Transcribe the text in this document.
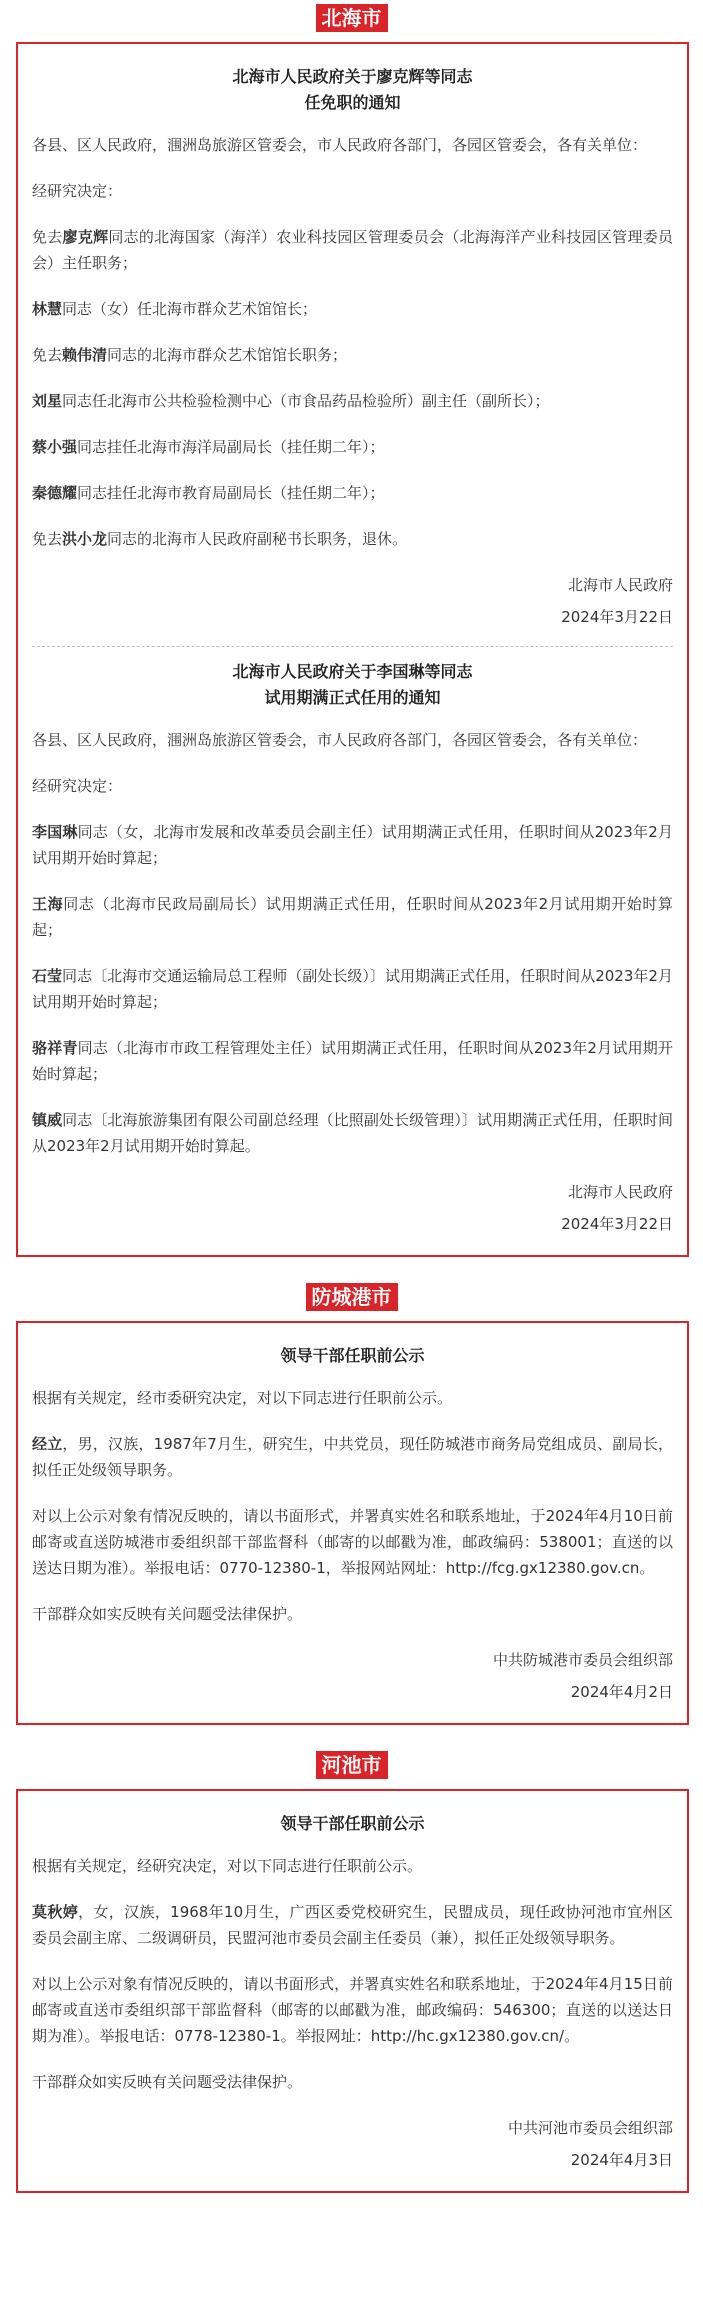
北海市
北海市人民政府关于廖克辉等同志
任免职的通知

各县、区人民政府，涠洲岛旅游区管委会，市人民政府各部门，各园区管委会，各有关单位：

经研究决定：

免去廖克辉同志的北海国家（海洋）农业科技园区管理委员会（北海海洋产业科技园区管理委员会）主任职务；

林慧同志（女）任北海市群众艺术馆馆长；

免去赖伟清同志的北海市群众艺术馆馆长职务；

刘星同志任北海市公共检验检测中心（市食品药品检验所）副主任（副所长）；

蔡小强同志挂任北海市海洋局副局长（挂任期二年）；

秦德耀同志挂任北海市教育局副局长（挂任期二年）；

免去洪小龙同志的北海市人民政府副秘书长职务，退休。

北海市人民政府
2024年3月22日
北海市人民政府关于李国琳等同志
试用期满正式任用的通知

各县、区人民政府，涠洲岛旅游区管委会，市人民政府各部门，各园区管委会，各有关单位：

经研究决定：

李国琳同志（女，北海市发展和改革委员会副主任）试用期满正式任用，任职时间从2023年2月试用期开始时算起；

王海同志（北海市民政局副局长）试用期满正式任用，任职时间从2023年2月试用期开始时算起；

石莹同志〔北海市交通运输局总工程师（副处长级）〕试用期满正式任用，任职时间从2023年2月试用期开始时算起；

骆祥青同志（北海市市政工程管理处主任）试用期满正式任用，任职时间从2023年2月试用期开始时算起；

镇威同志〔北海旅游集团有限公司副总经理（比照副处长级管理）〕试用期满正式任用，任职时间从2023年2月试用期开始时算起。

北海市人民政府
2024年3月22日
防城港市
领导干部任职前公示

根据有关规定，经市委研究决定，对以下同志进行任职前公示。

经立，男，汉族，1987年7月生，研究生，中共党员，现任防城港市商务局党组成员、副局长，拟任正处级领导职务。

对以上公示对象有情况反映的，请以书面形式，并署真实姓名和联系地址，于2024年4月10日前邮寄或直送防城港市委组织部干部监督科（邮寄的以邮戳为准，邮政编码：538001；直送的以送达日期为准）。举报电话：0770-12380-1，举报网站网址：http://fcg.gx12380.gov.cn。

干部群众如实反映有关问题受法律保护。

中共防城港市委员会组织部
2024年4月2日
河池市
领导干部任职前公示

根据有关规定，经研究决定，对以下同志进行任职前公示。

莫秋婷，女，汉族，1968年10月生，广西区委党校研究生，民盟成员，现任政协河池市宜州区委员会副主席、二级调研员，民盟河池市委员会副主任委员（兼），拟任正处级领导职务。

对以上公示对象有情况反映的，请以书面形式，并署真实姓名和联系地址，于2024年4月15日前邮寄或直送市委组织部干部监督科（邮寄的以邮戳为准，邮政编码：546300；直送的以送达日期为准）。举报电话：0778-12380-1。举报网址：http://hc.gx12380.gov.cn/。

干部群众如实反映有关问题受法律保护。

中共河池市委员会组织部
2024年4月3日
